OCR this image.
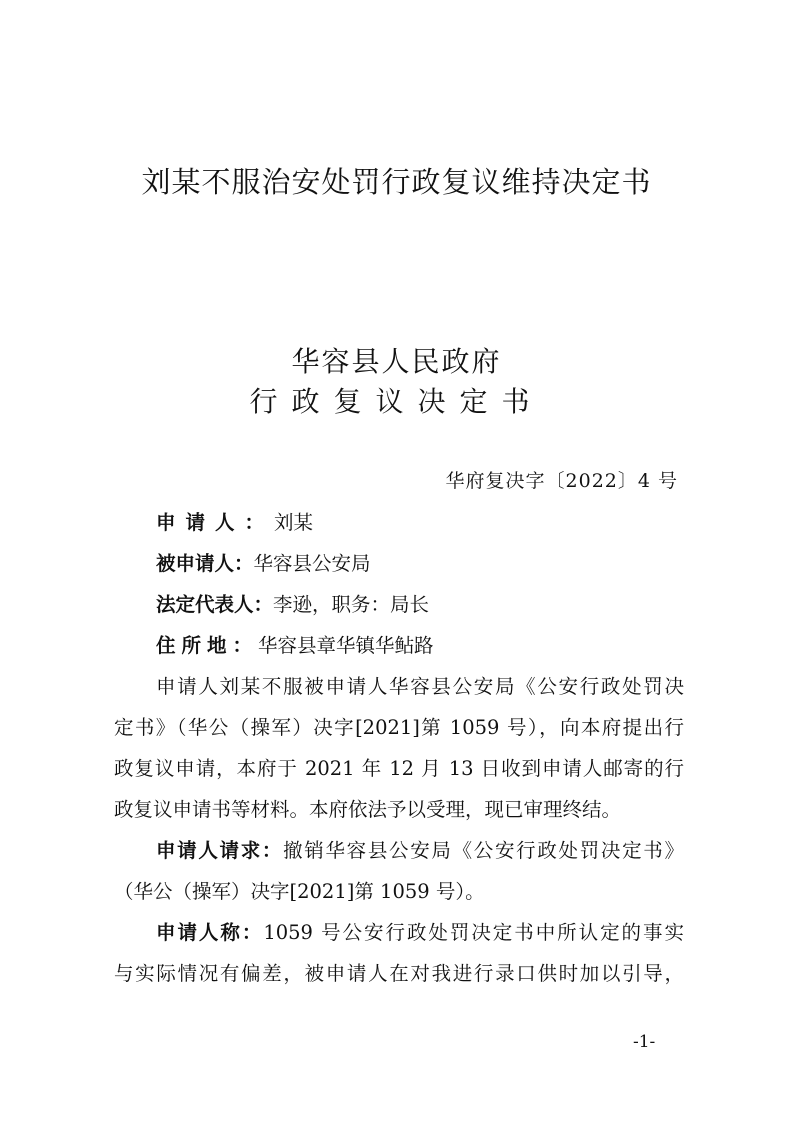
刘某不服治安处罚行政复议维持决定书
华容县人民政府
行政复议决定书
华府复决字〔2022〕4 号
申请人：刘某
被申请人：华容县公安局
法定代表人：李逊，职务：局长
住所地：华容县章华镇华鲇路
申请人刘某不服被申请人华容县公安局《公安行政处罚决
定书》（华公（操军）决字[2021]第 1059 号），向本府提出行
政复议申请，本府于 2021 年 12 月 13 日收到申请人邮寄的行
政复议申请书等材料。本府依法予以受理，现已审理终结。
申请人请求：撤销华容县公安局《公安行政处罚决定书》
（华公（操军）决字[2021]第 1059 号）。
申请人称：1059 号公安行政处罚决定书中所认定的事实
与实际情况有偏差，被申请人在对我进行录口供时加以引导，
-1-
